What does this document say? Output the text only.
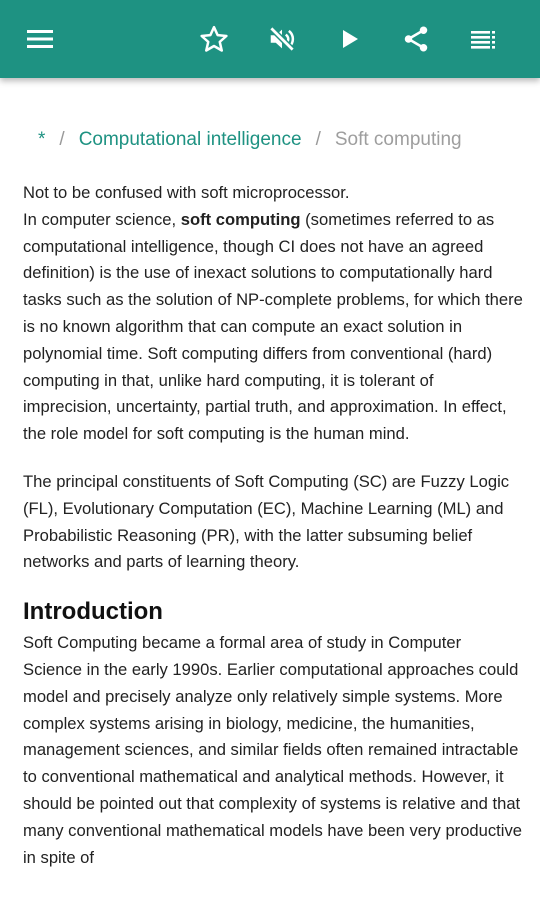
* / Computational intelligence / Soft computing

Not to be confused with soft microprocessor.
In computer science, soft computing (sometimes referred to as computational intelligence, though CI does not have an agreed definition) is the use of inexact solutions to computationally hard tasks such as the solution of NP-complete problems, for which there is no known algorithm that can compute an exact solution in polynomial time. Soft computing differs from conventional (hard) computing in that, unlike hard computing, it is tolerant of imprecision, uncertainty, partial truth, and approximation. In effect, the role model for soft computing is the human mind.

The principal constituents of Soft Computing (SC) are Fuzzy Logic (FL), Evolutionary Computation (EC), Machine Learning (ML) and Probabilistic Reasoning (PR), with the latter subsuming belief networks and parts of learning theory.

Introduction

Soft Computing became a formal area of study in Computer Science in the early 1990s. Earlier computational approaches could model and precisely analyze only relatively simple systems. More complex systems arising in biology, medicine, the humanities, management sciences, and similar fields often remained intractable to conventional mathematical and analytical methods. However, it should be pointed out that complexity of systems is relative and that many conventional mathematical models have been very productive in spite of
